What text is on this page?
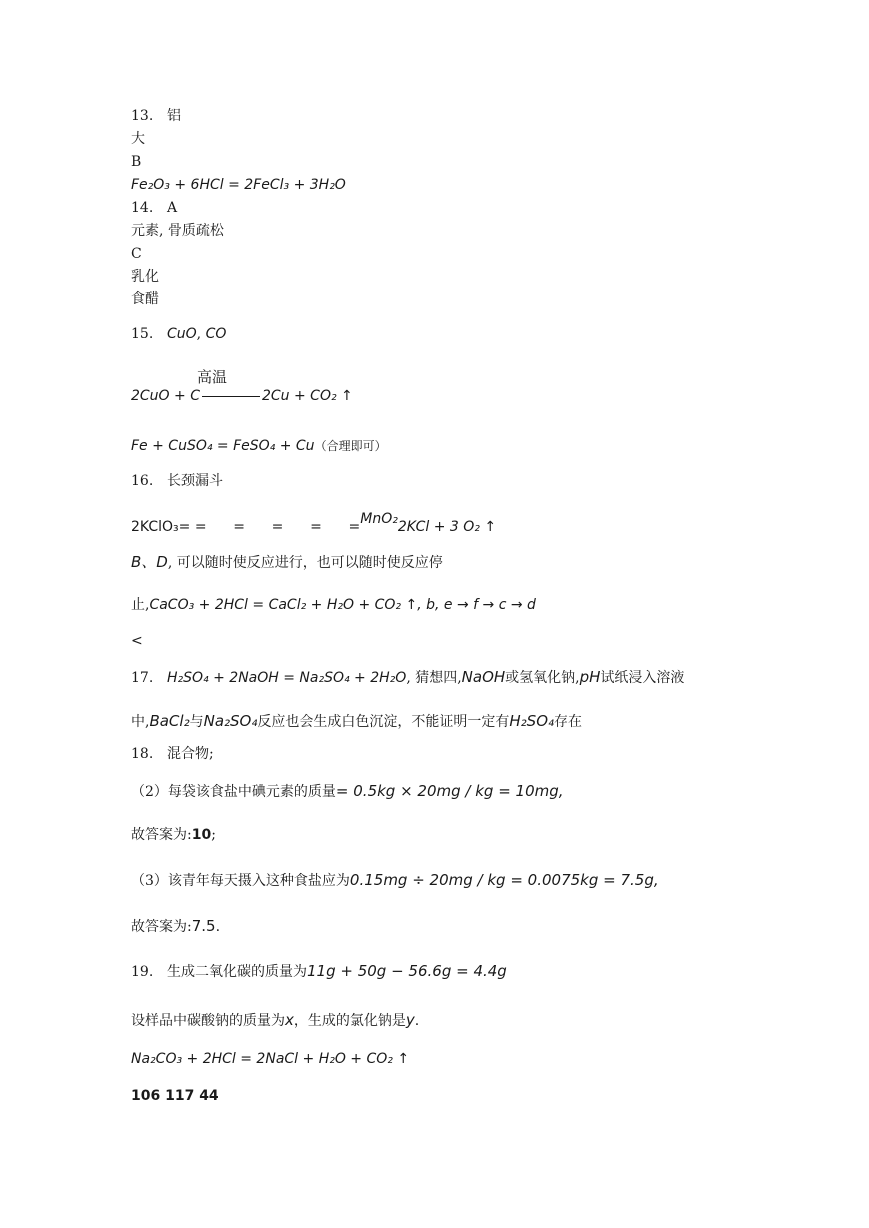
13. 铝
大
B
Fe₂O₃ + 6HCl = 2FeCl₃ + 3H₂O
14. A
元素, 骨质疏松
C
乳化
食醋
15. CuO, CO
高温
2CuO + C	2Cu + CO₂ ↑
Fe + CuSO₄ = FeSO₄ + Cu（合理即可）
16. 长颈漏斗
2KClO₃= =      =      =      =      =$^{MnO_2}$2KCl + 3 O₂ ↑
B、D, 可以随时使反应进行，也可以随时使反应停
止,CaCO₃ + 2HCl = CaCl₂ + H₂O + CO₂ ↑, b, e → f → c → d
<
17. H₂SO₄ + 2NaOH = Na₂SO₄ + 2H₂O, 猜想四,NaOH或氢氧化钠,pH试纸浸入溶液
中,BaCl₂与Na₂SO₄反应也会生成白色沉淀，不能证明一定有H₂SO₄存在
18. 混合物;
（2）每袋该食盐中碘元素的质量= 0.5kg × 20mg / kg = 10mg,
故答案为:10;
（3）该青年每天摄入这种食盐应为0.15mg ÷ 20mg / kg = 0.0075kg = 7.5g,
故答案为:7.5.
19. 生成二氧化碳的质量为11g + 50g − 56.6g = 4.4g
设样品中碳酸钠的质量为x，生成的氯化钠是y.
Na₂CO₃ + 2HCl = 2NaCl + H₂O + CO₂ ↑
106 117 44
